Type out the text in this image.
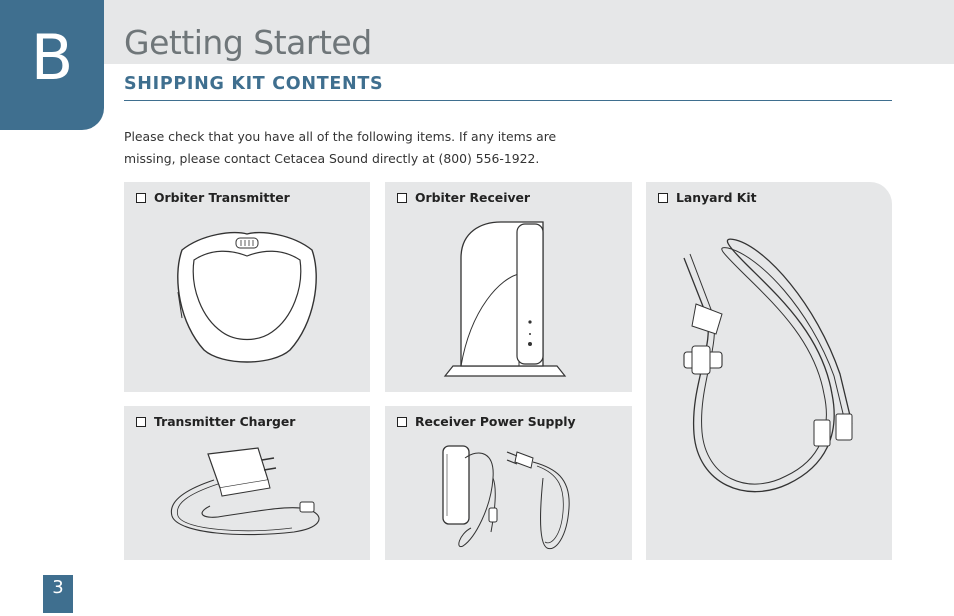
B	Getting Started
SHIPPING KIT CONTENTS
Please check that you have all of the following items. If any items are
missing, please contact Cetacea Sound directly at (800) 556-1922.
Orbiter Transmitter	Orbiter Receiver	Lanyard Kit
Transmitter Charger	Receiver Power Supply
3
